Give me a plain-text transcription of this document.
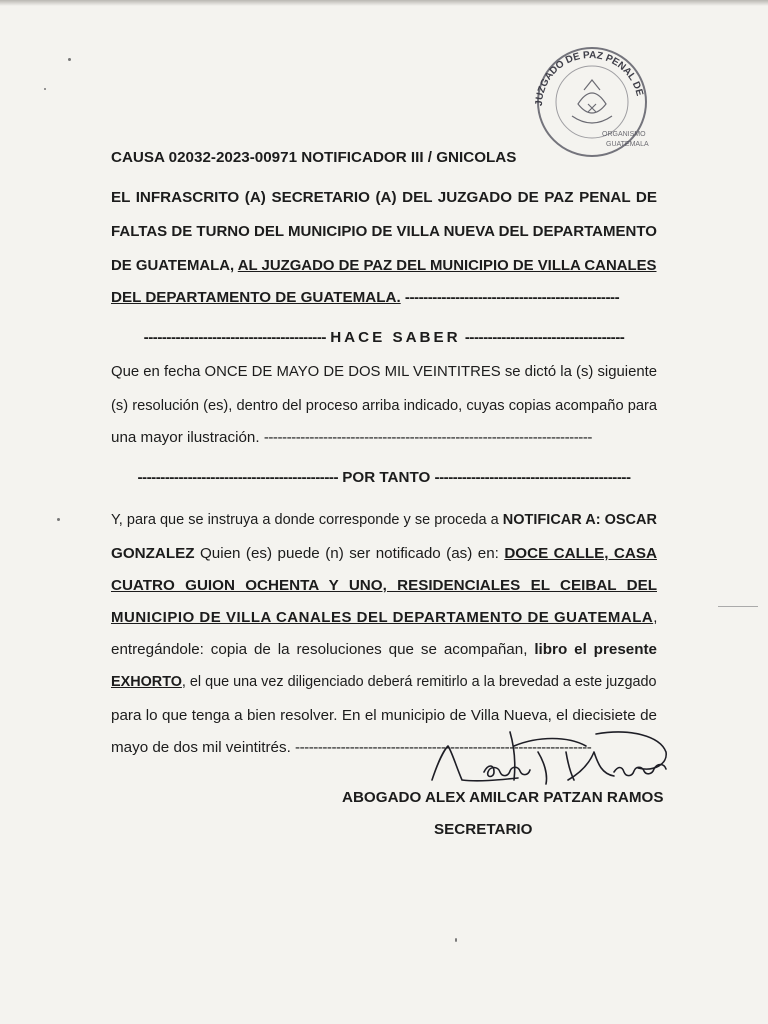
JUZGADO DE PAZ PENAL DE
ORGANISMO
GUATEMALA
CAUSA 02032-2023-00971 NOTIFICADOR III / GNICOLAS
EL INFRASCRITO (A) SECRETARIO (A) DEL JUZGADO DE PAZ PENAL DE
FALTAS DE TURNO DEL MUNICIPIO DE VILLA NUEVA DEL DEPARTAMENTO
DE GUATEMALA, AL JUZGADO DE PAZ DEL MUNICIPIO DE VILLA CANALES
DEL DEPARTAMENTO DE GUATEMALA. -----------------------------------------------
---------------------------------------- HACE SABER -----------------------------------
Que en fecha ONCE DE MAYO DE DOS MIL VEINTITRES se dictó la (s) siguiente
(s) resolución (es), dentro del proceso arriba indicado, cuyas copias acompaño para
una mayor ilustración. ------------------------------------------------------------------------
-------------------------------------------- POR TANTO -------------------------------------------
Y, para que se instruya a donde corresponde y se proceda a NOTIFICAR A: OSCAR
GONZALEZ Quien (es) puede (n) ser notificado (as) en: DOCE CALLE, CASA
CUATRO GUION OCHENTA Y UNO, RESIDENCIALES EL CEIBAL DEL
MUNICIPIO DE VILLA CANALES DEL DEPARTAMENTO DE GUATEMALA,
entregándole: copia de la resoluciones que se acompañan, libro el presente
EXHORTO, el que una vez diligenciado deberá remitirlo a la brevedad a este juzgado
para lo que tenga a bien resolver. En el municipio de Villa Nueva, el diecisiete de
mayo de dos mil veintitrés. -----------------------------------------------------------------
ABOGADO ALEX AMILCAR PATZAN RAMOS
SECRETARIO
